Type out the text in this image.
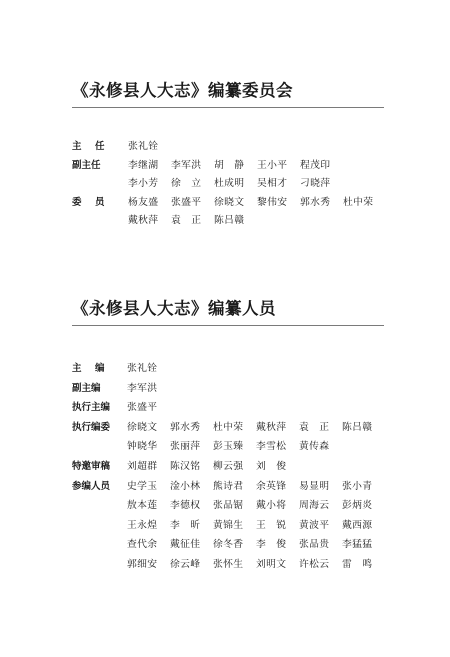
《永修县人大志》编纂委员会
主　任 张礼铨
副主任	李继湖 李军洪 胡　静 王小平 程茂印
李小芳 徐　立 杜成明 吴相才 刁晓萍
委　员 杨友盛 张盛平 徐晓文 黎伟安 郭水秀 杜中荣
戴秋萍 袁　正 陈吕赣
《永修县人大志》编纂人员
主　编 张礼铨
副主编	李军洪
执行主编 张盛平
执行编委 徐晓文 郭水秀 杜中荣 戴秋萍 袁　正 陈吕赣
钟晓华 张丽萍 彭玉臻 李雪松 黄传森
特邀审稿 刘超群 陈汉铭 柳云强 刘　俊
参编人员 史学玉 淦小林 熊诗君 余英锋 易显明 张小青
敖本莲 李德权 张品锯 戴小将 周海云 彭炳炎
王永煌 李　昕 黄锦生 王　锐 黄波平 戴西源
查代余 戴征佳 徐冬香 李　俊 张品贵 李猛猛
郭细安 徐云峰 张怀生 刘明文 许松云 雷　鸣
